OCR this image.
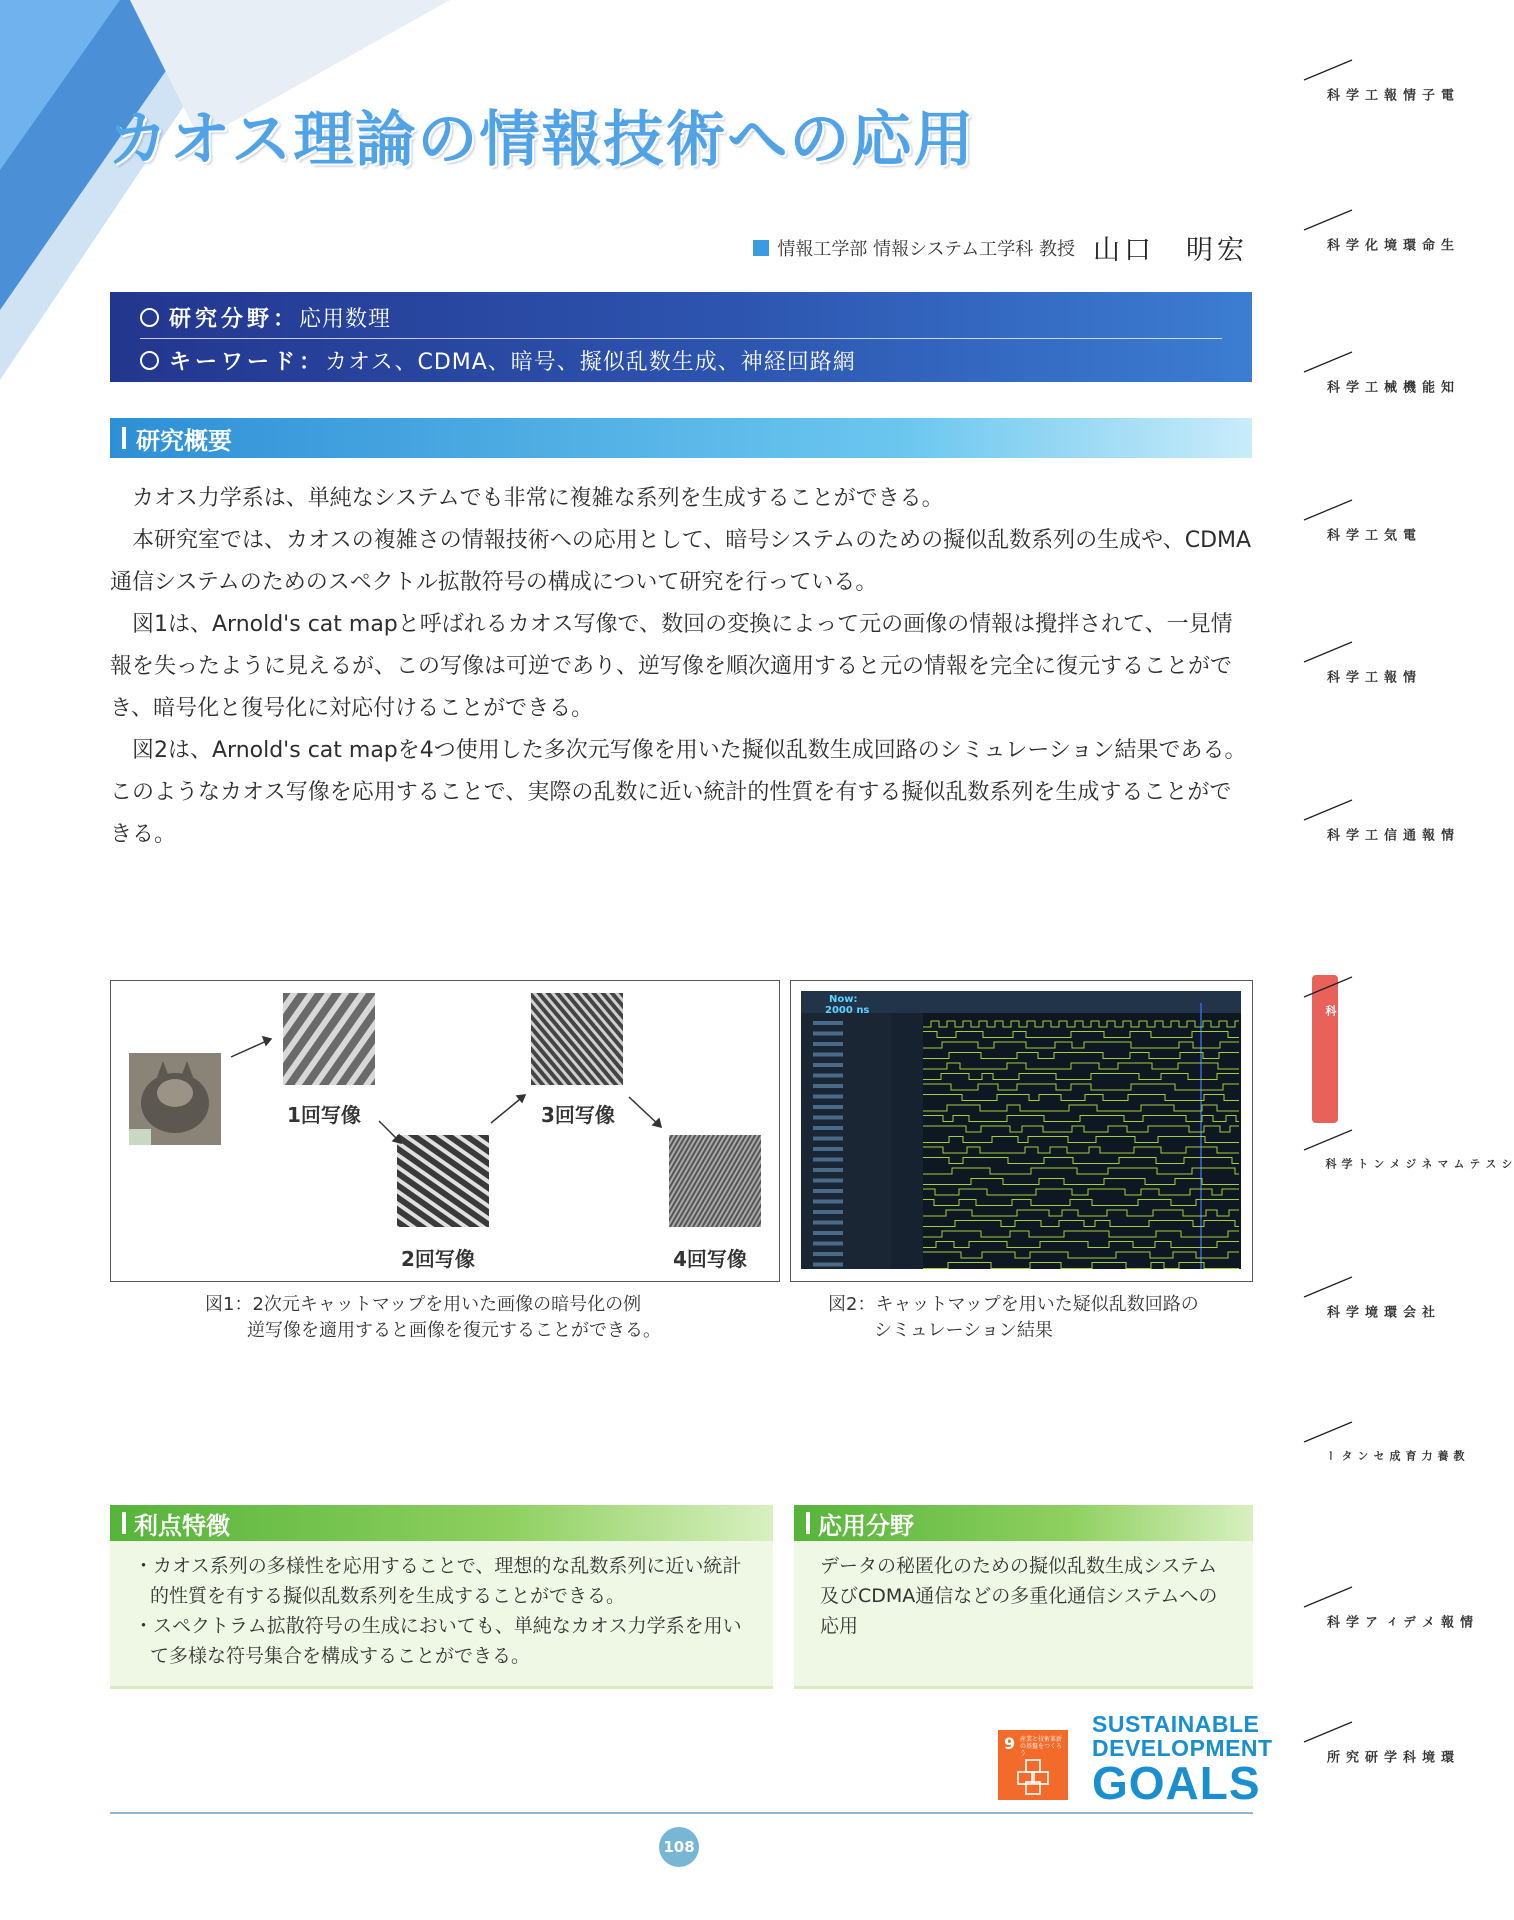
カオス理論の情報技術への応用
情報工学部 情報システム工学科 教授 山口　明宏
研究分野： 応用数理
キーワード： カオス、CDMA、暗号、擬似乱数生成、神経回路網
研究概要

カオス力学系は、単純なシステムでも非常に複雑な系列を生成することができる。

本研究室では、カオスの複雑さの情報技術への応用として、暗号システムのための擬似乱数系列の生成や、CDMA通信システムのためのスペクトル拡散符号の構成について研究を行っている。

図1は、Arnold's cat mapと呼ばれるカオス写像で、数回の変換によって元の画像の情報は攪拌されて、一見情報を失ったように見えるが、この写像は可逆であり、逆写像を順次適用すると元の情報を完全に復元することができ、暗号化と復号化に対応付けることができる。

図2は、Arnold's cat mapを4つ使用した多次元写像を用いた擬似乱数生成回路のシミュレーション結果である。このようなカオス写像を応用することで、実際の乱数に近い統計的性質を有する擬似乱数系列を生成することができる。

1回写像
2回写像
3回写像
4回写像
図1：2次元キャットマップを用いた画像の暗号化の例
逆写像を適用すると画像を復元することができる。
Now:
2000 ns
図2：キャットマップを用いた疑似乱数回路の
シミュレーション結果
利点特徴

・カオス系列の多様性を応用することで、理想的な乱数系列に近い統計的性質を有する擬似乱数系列を生成することができる。

・スペクトラム拡散符号の生成においても、単純なカオス力学系を用いて多様な符号集合を構成することができる。

応用分野

データの秘匿化のための擬似乱数生成システム及びCDMA通信などの多重化通信システムへの応用

9 産業と技術革新の基盤をつくろう
SUSTAINABLE
DEVELOPMENT
GOALS
108
電子情報工学科
生命環境化学科
知能機械工学科
電気工学科
情報工学科
情報通信工学科
情報システム工学科
システムマネジメント学科
社会環境学科
教養力育成センター
情報メディア学科
環境科学研究所
